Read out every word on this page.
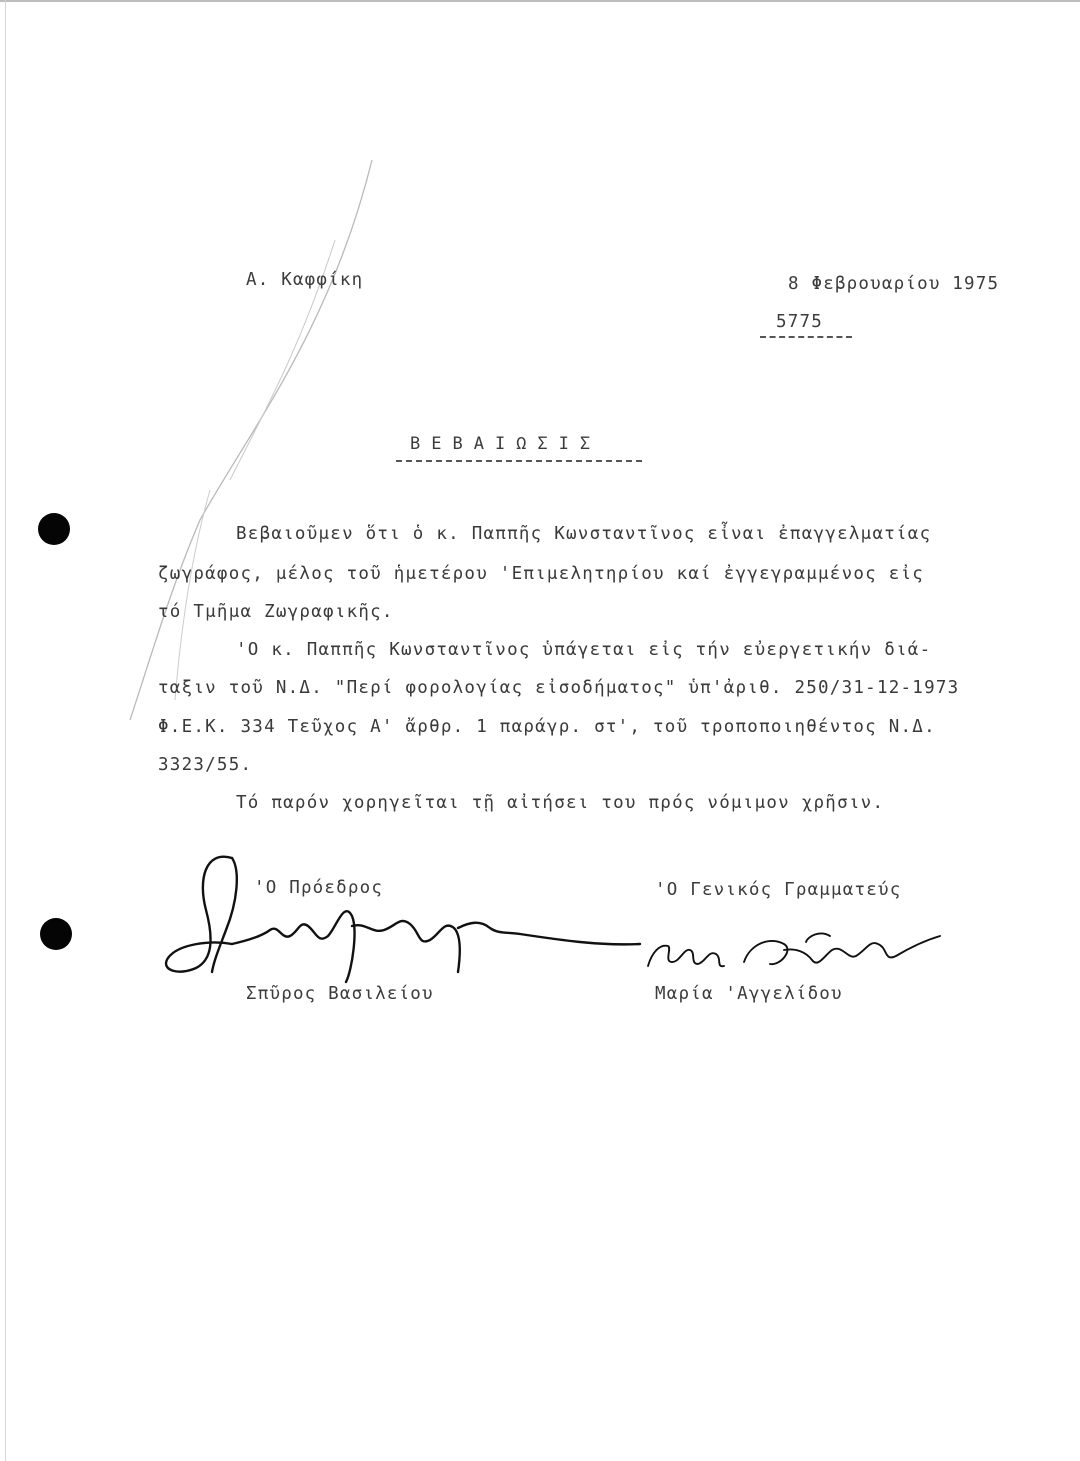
Α. Καφφίκη	8 Φεβρουαρίου 1975
5775
ΒΕΒΑΙΩΣΙΣ
Βεβαιοῦμεν ὅτι ὁ κ. Παππῆς Κωνσταντῖνος εἶναι ἐπαγγελματίας
ζωγράφος, μέλος τοῦ ἡμετέρου 'Επιμελητηρίου καί ἐγγεγραμμένος εἰς
τό Τμῆμα Ζωγραφικῆς.
'Ο κ. Παππῆς Κωνσταντῖνος ὑπάγεται εἰς τήν εὐεργετικήν διά-
ταξιν τοῦ Ν.Δ. "Περί φορολογίας εἰσοδήματος" ὑπ'ἀριθ. 250/31-12-1973
Φ.Ε.Κ. 334 Τεῦχος Α' ἄρθρ. 1 παράγρ. στ', τοῦ τροποποιηθέντος Ν.Δ.
3323/55.
Τό παρόν χορηγεῖται τῇ αἰτήσει του πρός νόμιμον χρῆσιν.
'Ο Πρόεδρος
Σπῦρος Βασιλείου
'Ο Γενικός Γραμματεύς
Μαρία 'Αγγελίδου
